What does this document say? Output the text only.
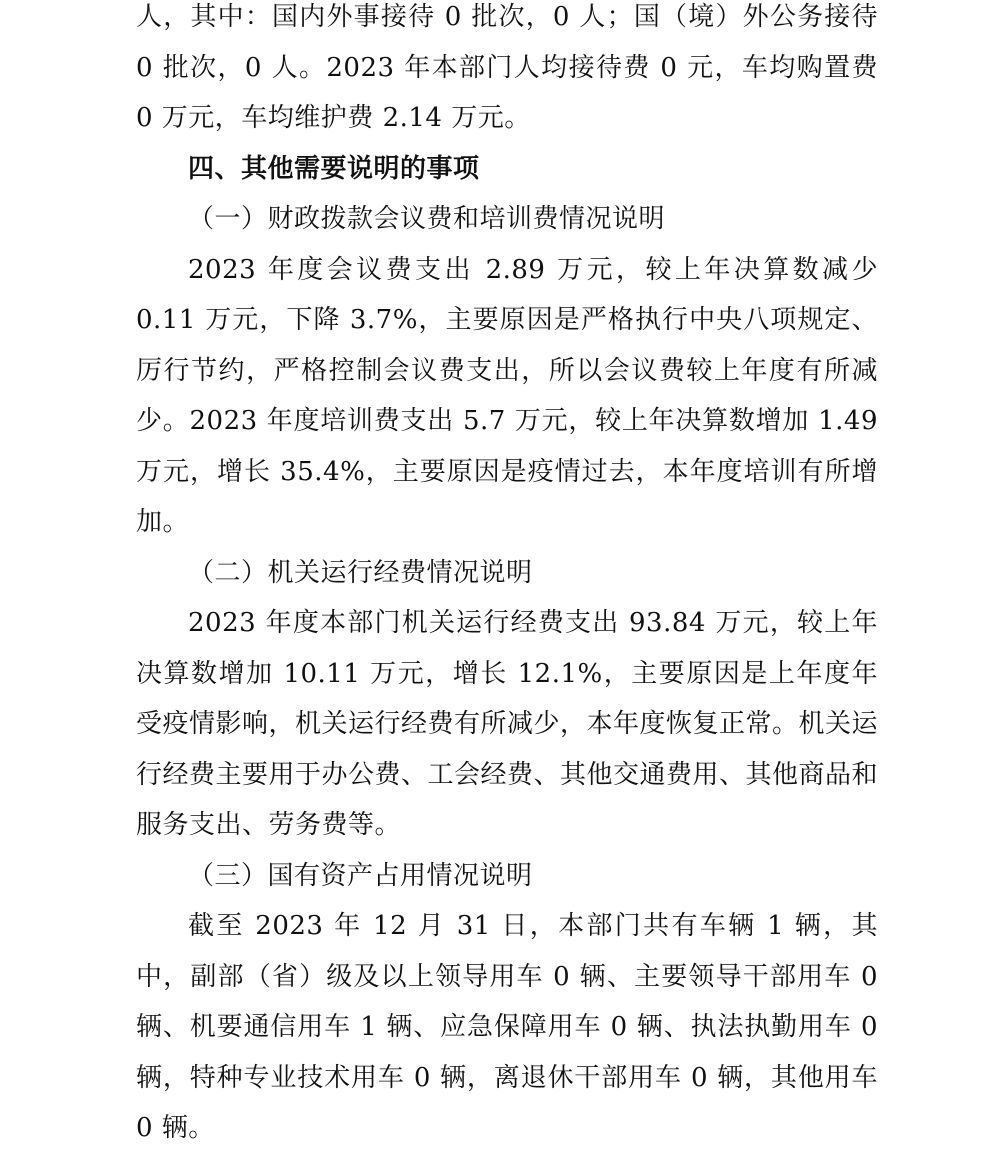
人，其中：国内外事接待 0 批次，0 人；国（境）外公务接待 0 批次，0 人。2023 年本部门人均接待费 0 元，车均购置费 0 万元，车均维护费 2.14 万元。

四、其他需要说明的事项

（一）财政拨款会议费和培训费情况说明

2023 年度会议费支出 2.89 万元，较上年决算数减少 0.11 万元，下降 3.7%，主要原因是严格执行中央八项规定、厉行节约，严格控制会议费支出，所以会议费较上年度有所减少。2023 年度培训费支出 5.7 万元，较上年决算数增加 1.49 万元，增长 35.4%，主要原因是疫情过去，本年度培训有所增加。

（二）机关运行经费情况说明

2023 年度本部门机关运行经费支出 93.84 万元，较上年决算数增加 10.11 万元，增长 12.1%，主要原因是上年度年受疫情影响，机关运行经费有所减少，本年度恢复正常。机关运行经费主要用于办公费、工会经费、其他交通费用、其他商品和服务支出、劳务费等。

（三）国有资产占用情况说明

截至 2023 年 12 月 31 日，本部门共有车辆 1 辆，其中，副部（省）级及以上领导用车 0 辆、主要领导干部用车 0 辆、机要通信用车 1 辆、应急保障用车 0 辆、执法执勤用车 0 辆，特种专业技术用车 0 辆，离退休干部用车 0 辆，其他用车 0 辆。
